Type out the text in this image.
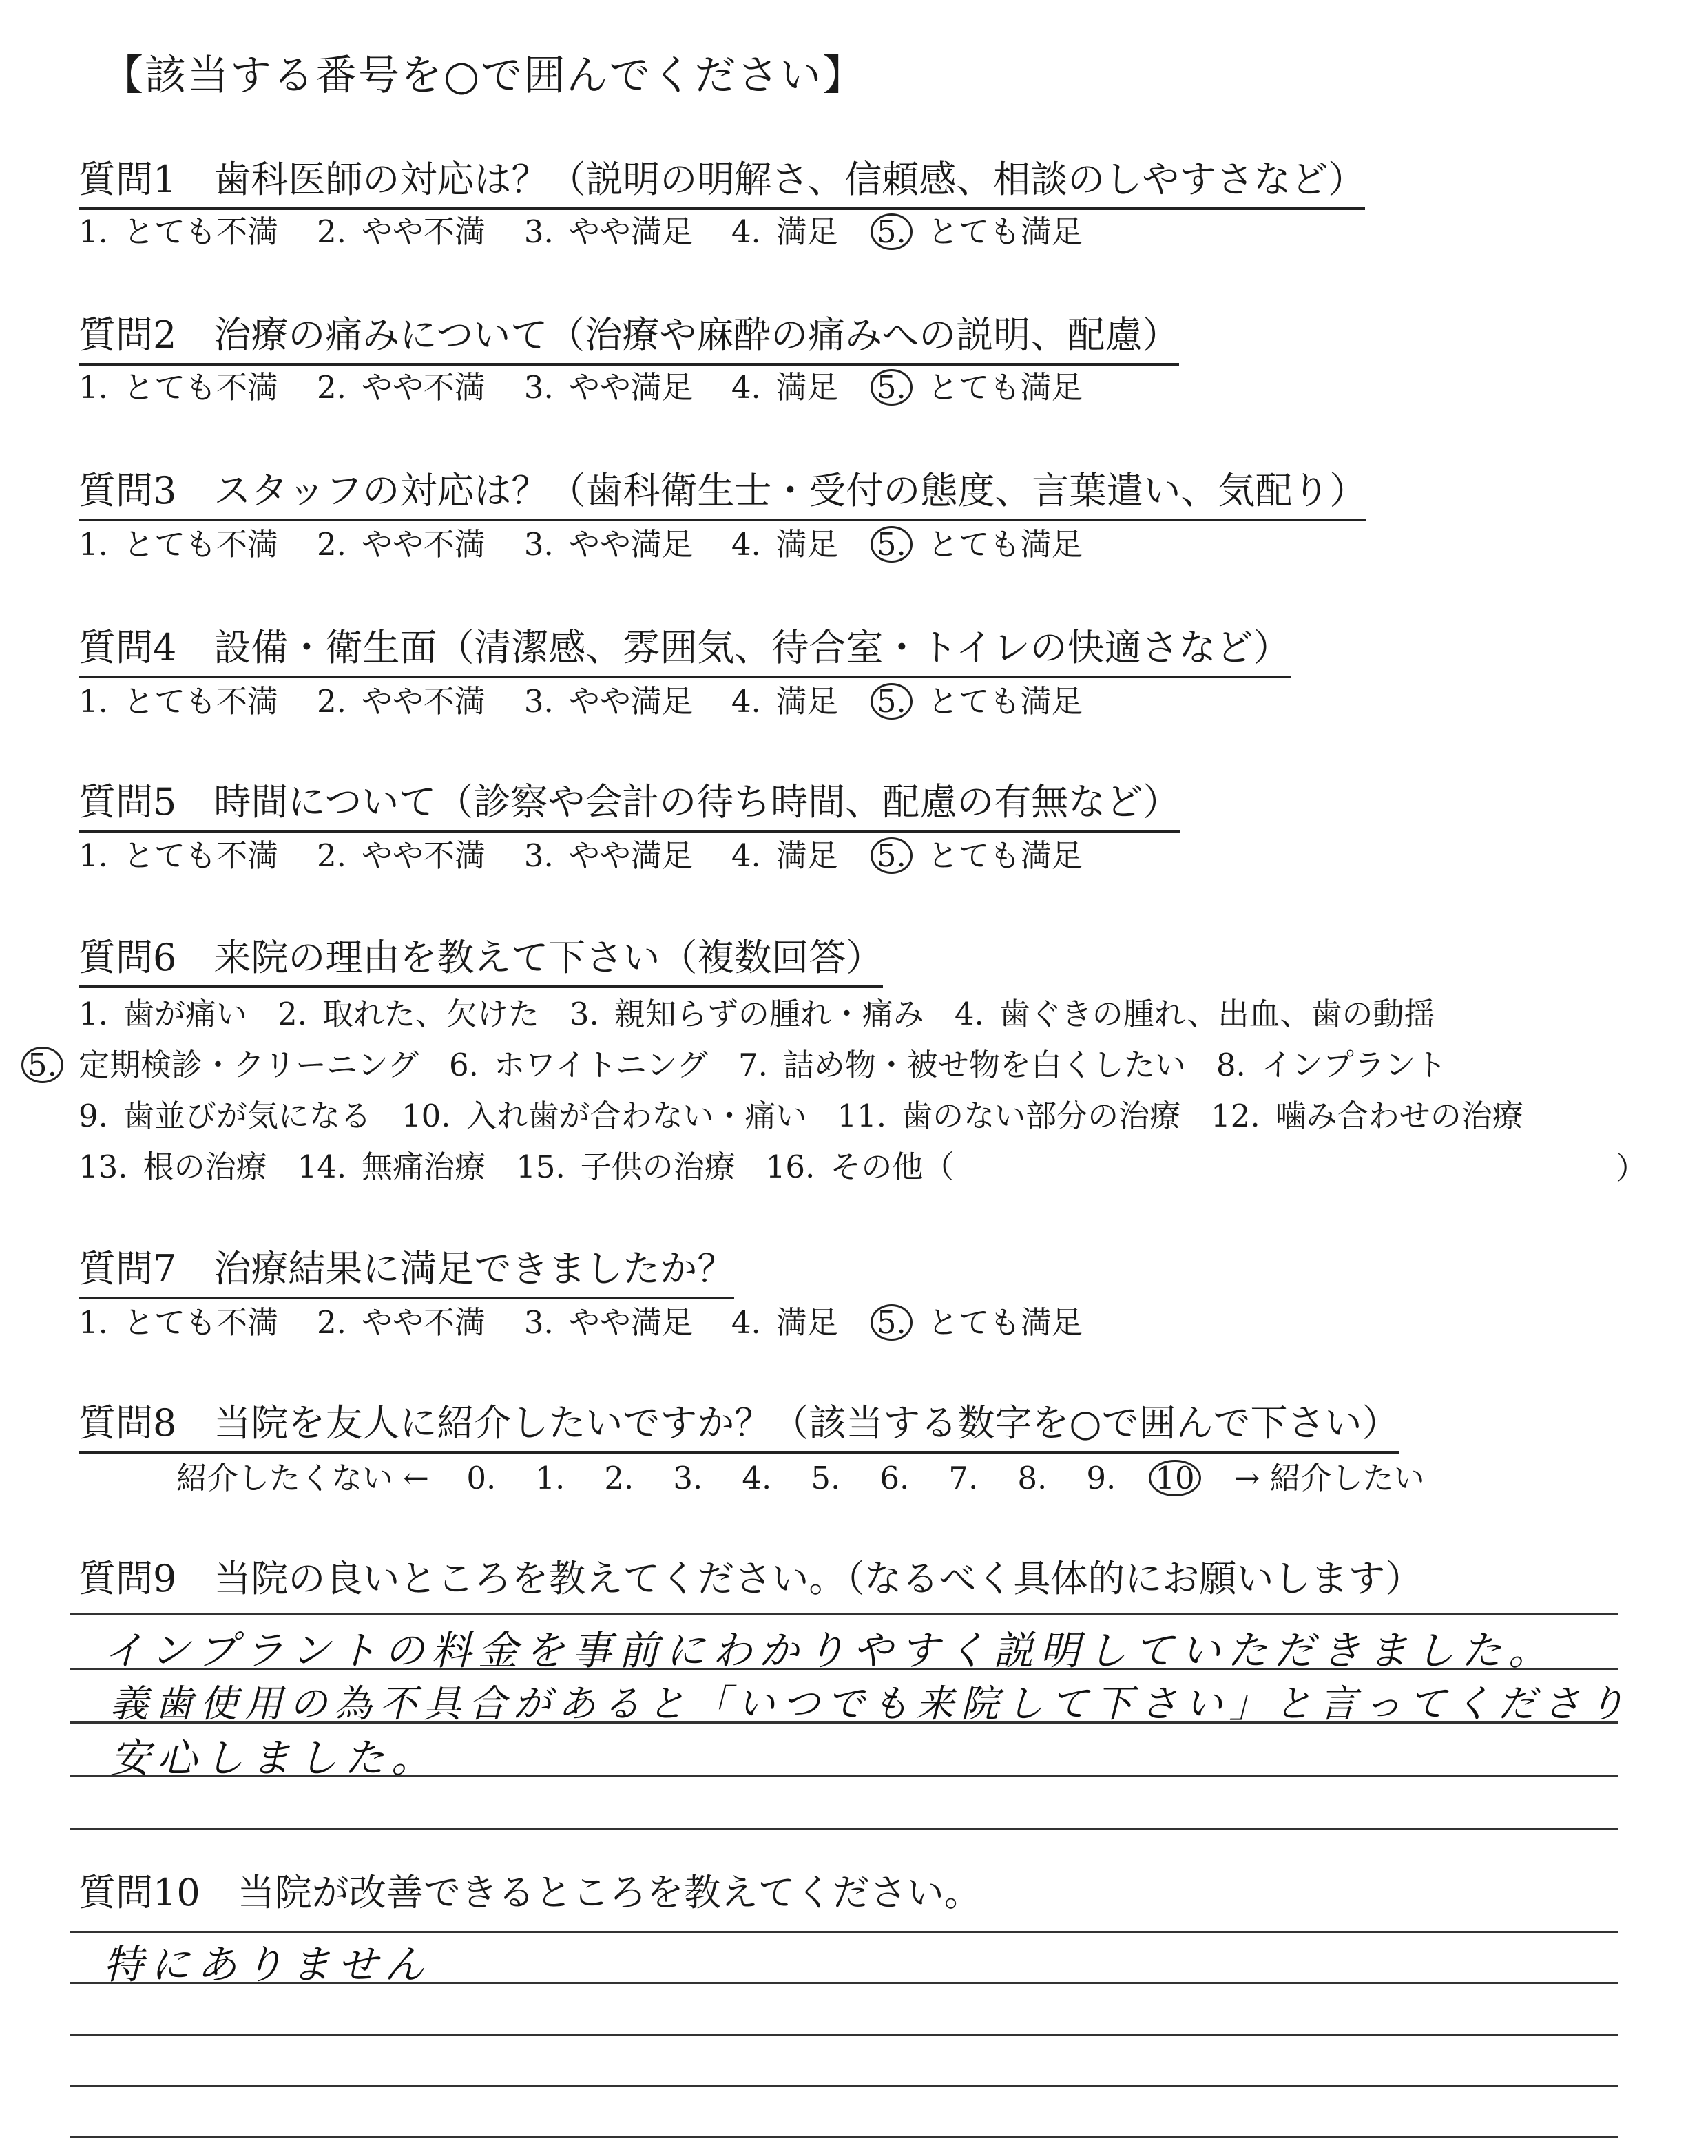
【該当する番号を○で囲んでください】
質問1　歯科医師の対応は？（説明の明解さ、信頼感、相談のしやすさなど）
1. とても不満 2. やや不満 3. やや満足 4. 満足 5. とても満足
質問2　治療の痛みについて（治療や麻酔の痛みへの説明、配慮）
1. とても不満 2. やや不満 3. やや満足 4. 満足 5. とても満足
質問3　スタッフの対応は？（歯科衛生士・受付の態度、言葉遣い、気配り）
1. とても不満 2. やや不満 3. やや満足 4. 満足 5. とても満足
質問4　設備・衛生面（清潔感、雰囲気、待合室・トイレの快適さなど）
1. とても不満 2. やや不満 3. やや満足 4. 満足 5. とても満足
質問5　時間について（診察や会計の待ち時間、配慮の有無など）
1. とても不満 2. やや不満 3. やや満足 4. 満足 5. とても満足
質問6　来院の理由を教えて下さい（複数回答）
1. 歯が痛い 2. 取れた、欠けた 3. 親知らずの腫れ・痛み 4. 歯ぐきの腫れ、出血、歯の動揺
5. 定期検診・クリーニング 6. ホワイトニング 7. 詰め物・被せ物を白くしたい 8. インプラント
9. 歯並びが気になる 10. 入れ歯が合わない・痛い 11. 歯のない部分の治療 12. 噛み合わせの治療
13. 根の治療 14. 無痛治療 15. 子供の治療 16. その他（	）
質問7　治療結果に満足できましたか？
1. とても不満 2. やや不満 3. やや満足 4. 満足 5. とても満足
質問8　当院を友人に紹介したいですか？（該当する数字を○で囲んで下さい）
紹介したくない ← 0. 1. 2. 3. 4. 5. 6. 7. 8. 9. 10 → 紹介したい
質問9　当院の良いところを教えてください。（なるべく具体的にお願いします）
インプラントの料金を事前にわかりやすく説明していただきました。
義歯使用の為不具合があると「いつでも来院して下さい」と言ってくださり
安心しました。
質問10　当院が改善できるところを教えてください。
特にありません
